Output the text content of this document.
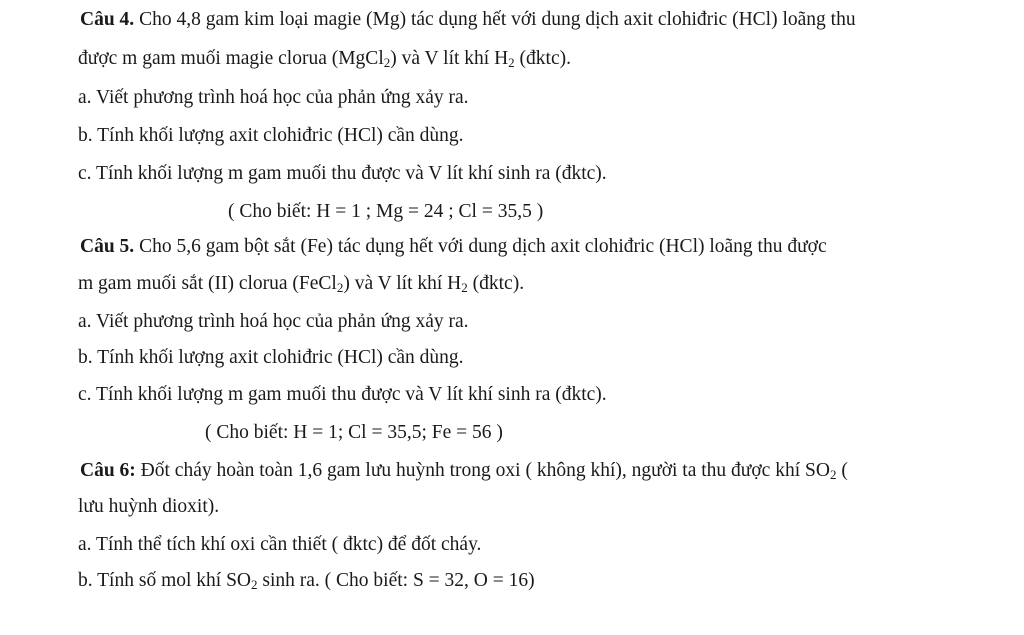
Câu 4. Cho 4,8 gam kim loại magie (Mg) tác dụng hết với dung dịch axit clohiđric (HCl) loãng thu
được m gam muối magie clorua (MgCl$_2$) và V lít khí $H_2$ (đktc).
a. Viết phương trình hoá học của phản ứng xảy ra.
b. Tính khối lượng axit clohiđric (HCl) cần dùng.
c. Tính khối lượng m gam muối thu được và V lít khí sinh ra (đktc).
( Cho biết: H = 1 ; Mg = 24 ; Cl = 35,5 )
Câu 5. Cho 5,6 gam bột sắt (Fe) tác dụng hết với dung dịch axit clohiđric (HCl) loãng thu được
m gam muối sắt (II) clorua (FeCl$_2$) và V lít khí $H_2$ (đktc).
a. Viết phương trình hoá học của phản ứng xảy ra.
b. Tính khối lượng axit clohiđric (HCl) cần dùng.
c. Tính khối lượng m gam muối thu được và V lít khí sinh ra (đktc).
( Cho biết: H = 1; Cl = 35,5; Fe = 56 )
Câu 6: Đốt cháy hoàn toàn 1,6 gam lưu huỳnh trong oxi ( không khí), người ta thu được khí $SO_2$ (
lưu huỳnh dioxit).
a. Tính thể tích khí oxi cần thiết ( đktc) để đốt cháy.
b. Tính số mol khí $SO_2$ sinh ra. ( Cho biết: S = 32, O = 16)
